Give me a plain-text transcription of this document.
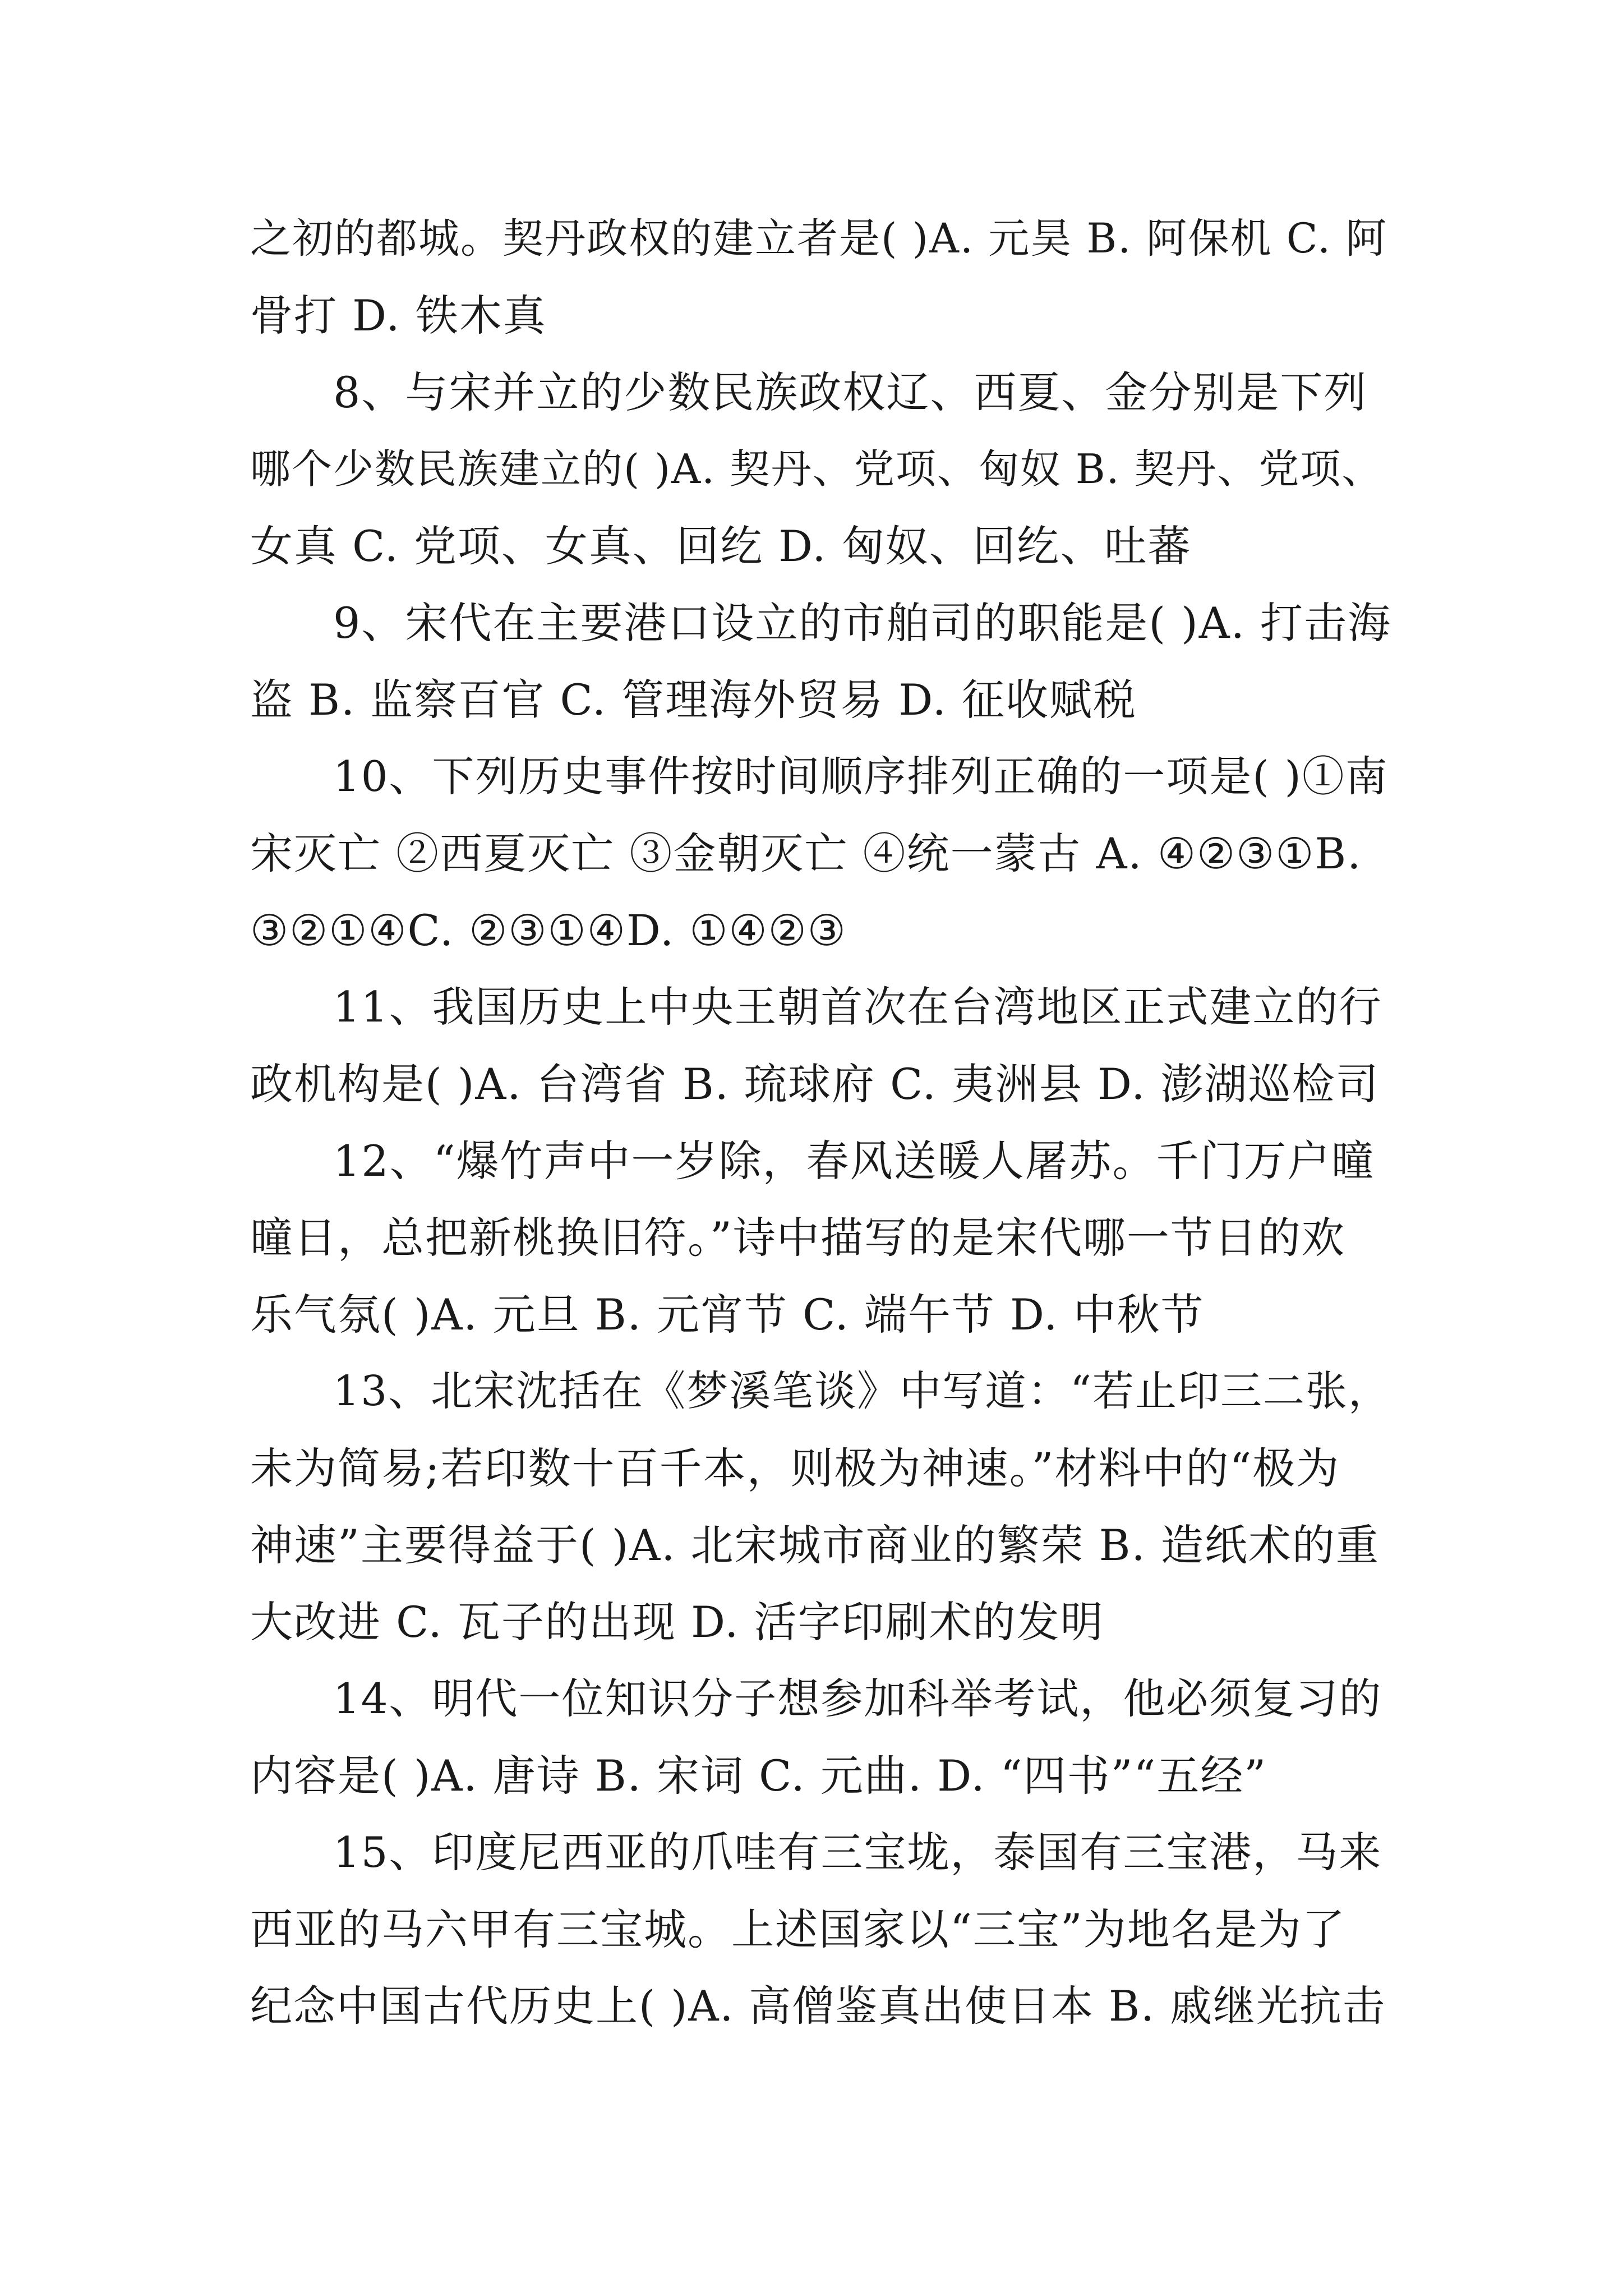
之初的都城。契丹政权的建立者是( )A. 元昊 B. 阿保机 C. 阿
骨打 D. 铁木真
8、与宋并立的少数民族政权辽、西夏、金分别是下列
哪个少数民族建立的( )A. 契丹、党项、匈奴 B. 契丹、党项、
女真 C. 党项、女真、回纥 D. 匈奴、回纥、吐蕃
9、宋代在主要港口设立的市舶司的职能是( )A. 打击海
盗 B. 监察百官 C. 管理海外贸易 D. 征收赋税
10、下列历史事件按时间顺序排列正确的一项是( )①南
宋灭亡 ②西夏灭亡 ③金朝灭亡 ④统一蒙古 A. ④②③①B.
③②①④C. ②③①④D. ①④②③
11、我国历史上中央王朝首次在台湾地区正式建立的行
政机构是( )A. 台湾省 B. 琉球府 C. 夷洲县 D. 澎湖巡检司
12、“爆竹声中一岁除，春风送暖人屠苏。千门万户曈
曈日，总把新桃换旧符。”诗中描写的是宋代哪一节日的欢
乐气氛( )A. 元旦 B. 元宵节 C. 端午节 D. 中秋节
13、北宋沈括在《梦溪笔谈》中写道：“若止印三二张，
未为简易;若印数十百千本，则极为神速。”材料中的“极为
神速”主要得益于( )A. 北宋城市商业的繁荣 B. 造纸术的重
大改进 C. 瓦子的出现 D. 活字印刷术的发明
14、明代一位知识分子想参加科举考试，他必须复习的
内容是( )A. 唐诗 B. 宋词 C. 元曲. D. “四书”“五经”
15、印度尼西亚的爪哇有三宝垅，泰国有三宝港，马来
西亚的马六甲有三宝城。上述国家以“三宝”为地名是为了
纪念中国古代历史上( )A. 高僧鉴真出使日本 B. 戚继光抗击
